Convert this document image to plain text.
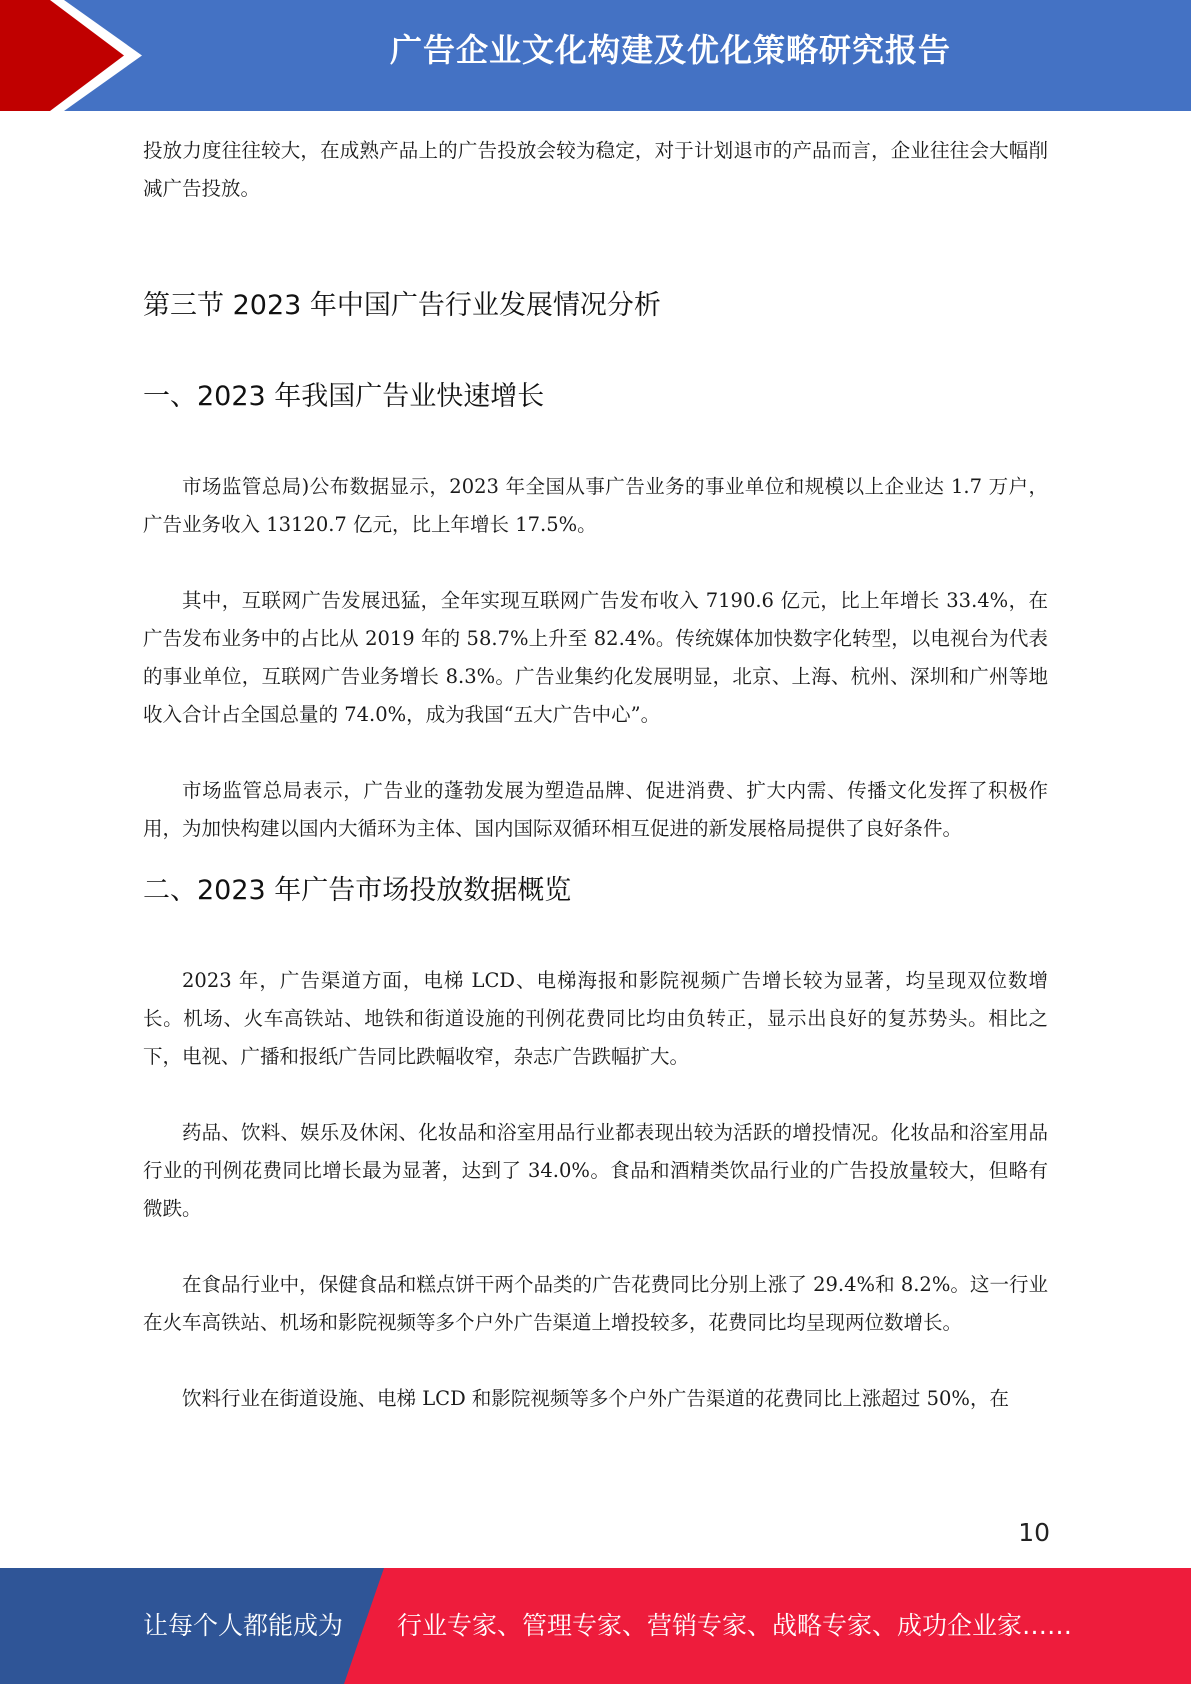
广告企业文化构建及优化策略研究报告

投放力度往往较大，在成熟产品上的广告投放会较为稳定，对于计划退市的产品而言，企业往往会大幅削减广告投放。

第三节 2023 年中国广告行业发展情况分析
一、2023 年我国广告业快速增长

市场监管总局)公布数据显示，2023 年全国从事广告业务的事业单位和规模以上企业达 1.7 万户，广告业务收入 13120.7 亿元，比上年增长 17.5%。

其中，互联网广告发展迅猛，全年实现互联网广告发布收入 7190.6 亿元，比上年增长 33.4%，在广告发布业务中的占比从 2019 年的 58.7%上升至 82.4%。传统媒体加快数字化转型，以电视台为代表的事业单位，互联网广告业务增长 8.3%。广告业集约化发展明显，北京、上海、杭州、深圳和广州等地收入合计占全国总量的 74.0%，成为我国“五大广告中心”。

市场监管总局表示，广告业的蓬勃发展为塑造品牌、促进消费、扩大内需、传播文化发挥了积极作用，为加快构建以国内大循环为主体、国内国际双循环相互促进的新发展格局提供了良好条件。

二、2023 年广告市场投放数据概览

2023 年，广告渠道方面，电梯 LCD、电梯海报和影院视频广告增长较为显著，均呈现双位数增长。机场、火车高铁站、地铁和街道设施的刊例花费同比均由负转正，显示出良好的复苏势头。相比之下，电视、广播和报纸广告同比跌幅收窄，杂志广告跌幅扩大。

药品、饮料、娱乐及休闲、化妆品和浴室用品行业都表现出较为活跃的增投情况。化妆品和浴室用品行业的刊例花费同比增长最为显著，达到了 34.0%。食品和酒精类饮品行业的广告投放量较大，但略有微跌。

在食品行业中，保健食品和糕点饼干两个品类的广告花费同比分别上涨了 29.4%和 8.2%。这一行业在火车高铁站、机场和影院视频等多个户外广告渠道上增投较多，花费同比均呈现两位数增长。

饮料行业在街道设施、电梯 LCD 和影院视频等多个户外广告渠道的花费同比上涨超过 50%，在

10
让每个人都能成为 行业专家、管理专家、营销专家、战略专家、成功企业家……
